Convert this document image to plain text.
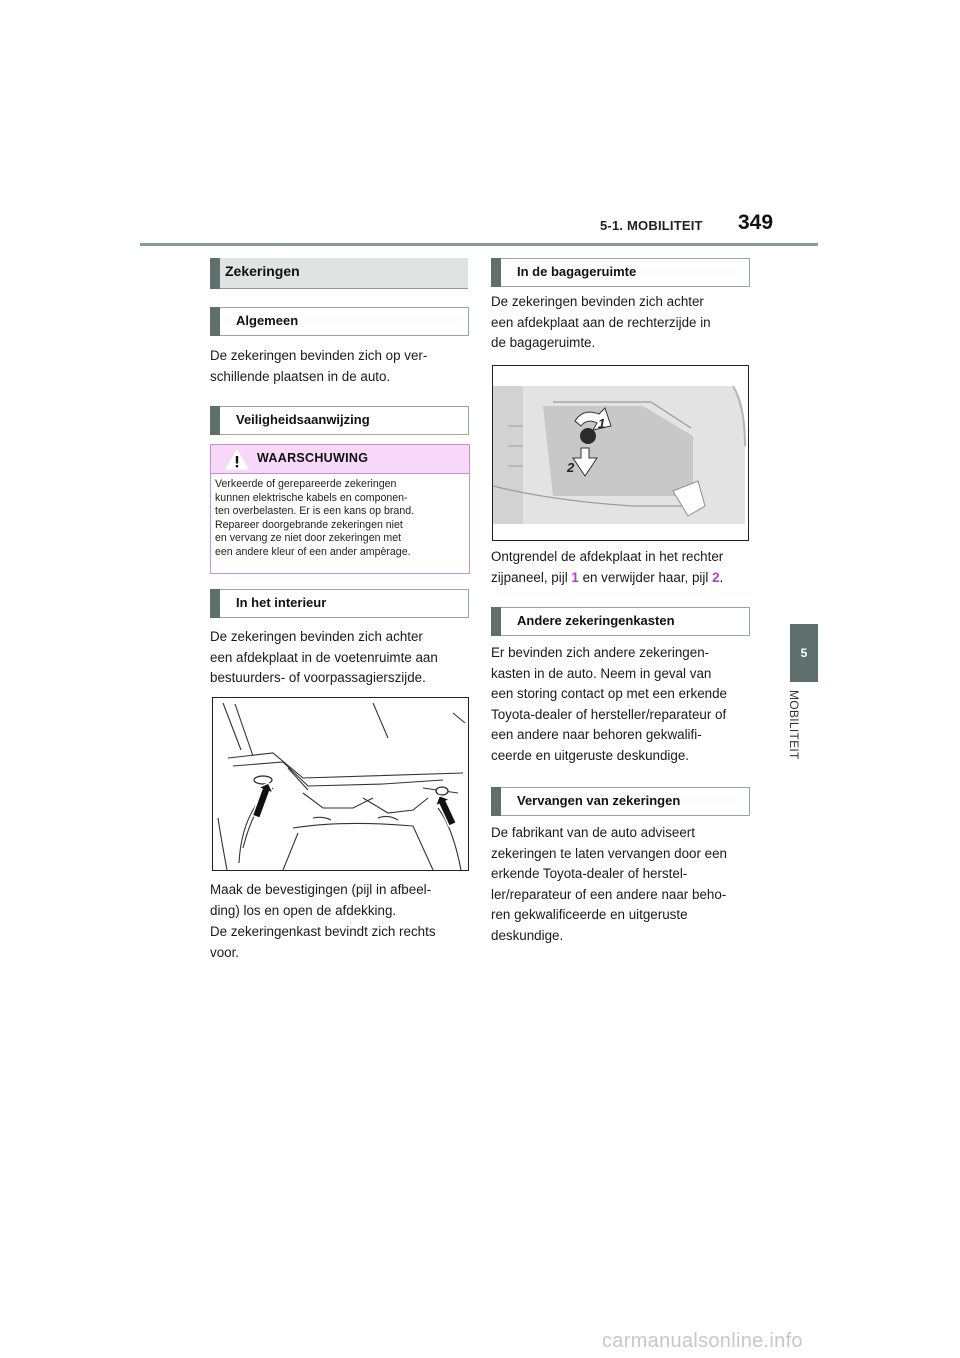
5-1. MOBILITEIT 349
5
MOBILITEIT
Zekeringen
Algemeen

De zekeringen bevinden zich op ver-

schillende plaatsen in de auto.

Veiligheidsaanwijzing
WAARSCHUWING

Verkeerde of gerepareerde zekeringen

kunnen elektrische kabels en componen-

ten overbelasten. Er is een kans op brand.

Repareer doorgebrande zekeringen niet

en vervang ze niet door zekeringen met

een andere kleur of een ander ampèrage.

In het interieur

De zekeringen bevinden zich achter

een afdekplaat in de voetenruimte aan

bestuurders- of voorpassagierszijde.

Maak de bevestigingen (pijl in afbeel-

ding) los en open de afdekking.

De zekeringenkast bevindt zich rechts

voor.

In de bagageruimte

De zekeringen bevinden zich achter

een afdekplaat aan de rechterzijde in

de bagageruimte.

1
2

Ontgrendel de afdekplaat in het rechter

zijpaneel, pijl 1 en verwijder haar, pijl 2.

Andere zekeringenkasten

Er bevinden zich andere zekeringen-

kasten in de auto. Neem in geval van

een storing contact op met een erkende

Toyota-dealer of hersteller/reparateur of

een andere naar behoren gekwalifi-

ceerde en uitgeruste deskundige.

Vervangen van zekeringen

De fabrikant van de auto adviseert

zekeringen te laten vervangen door een

erkende Toyota-dealer of herstel-

ler/reparateur of een andere naar beho-

ren gekwalificeerde en uitgeruste

deskundige.

carmanualsonline.info
